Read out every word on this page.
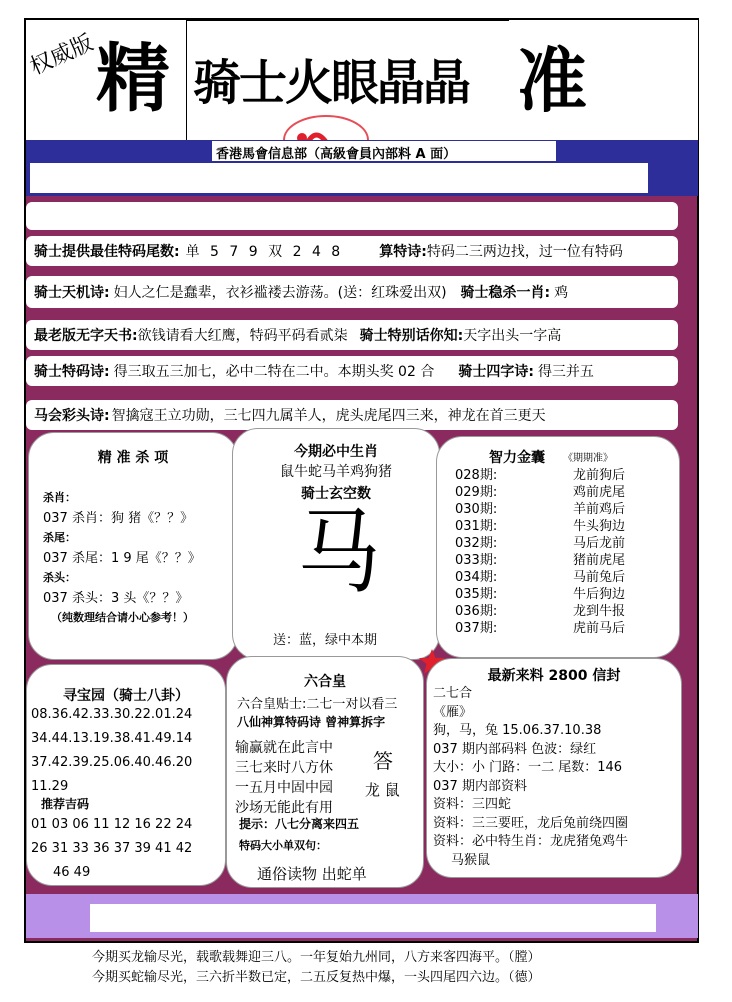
权威版
精 骑士火眼晶晶 准
香港馬會信息部（高級會員內部料 A 面）
骑士提供最佳特码尾数: 单 5 7 9 双 2 4 8	算特诗: 特码二三两边找，过一位有特码
骑士天机诗: 妇人之仁是蠢辈，衣衫褴褛去游荡。(送：红珠爱出双) 骑士稳杀一肖: 鸡
最老版无字天书: 欲钱请看大红鹰，特码平码看贰柒 骑士特别话你知: 天字出头一字高
骑士特码诗: 得三取五三加七，必中二特在二中。本期头奖 02 合 骑士四字诗: 得三并五
马会彩头诗: 智擒寇王立功勋，三七四九属羊人，虎头虎尾四三来，神龙在首三更天
精 准 杀 项
杀肖：
037 杀肖：狗 猪《？？》
杀尾：
037 杀尾：1 9 尾《？？》
杀头：
037 杀头：3 头《？？》
（纯数理结合请小心参考！）
今期必中生肖
鼠牛蛇马羊鸡狗猪
骑士玄空数
马
送：蓝，绿中本期
智力金囊 《期期准》
028期:	龙前狗后
029期:	鸡前虎尾
030期:	羊前鸡后
031期:	牛头狗边
032期:	马后龙前
033期:	猪前虎尾
034期:	马前兔后
035期:	牛后狗边
036期:	龙到牛报
037期:	虎前马后
寻宝园（骑士八卦）
08.36.42.33.30.22.01.24
34.44.13.19.38.41.49.14
37.42.39.25.06.40.46.20
11.29
推荐吉码
01 03 06 11 12 16 22 24
26 31 33 36 37 39 41 42
46 49
六合皇
六合皇贴士:二七一对以看三
八仙神算特码诗 曾神算拆字
输赢就在此言中
三七来时八方休
一五月中固中园
沙场无能此有用
答
龙 鼠
提示：八七分离来四五
特码大小单双句：
通俗读物 出蛇单
最新来料 2800 信封
二七合
《雁》
狗，马，兔 15.06.37.10.38
037 期内部码料 色波：绿红
大小：小 门路：一二 尾数：146
037 期内部资料
资料：三四蛇
资料：三三要旺，龙后兔前绕四圈
资料：必中特生肖：龙虎猪兔鸡牛
马猴鼠
今期买龙输尽光，载歌载舞迎三八。一年复始九州同，八方来客四海平。（膛）
今期买蛇输尽光，三六折半数已定，二五反复热中爆，一头四尾四六边。（德）
